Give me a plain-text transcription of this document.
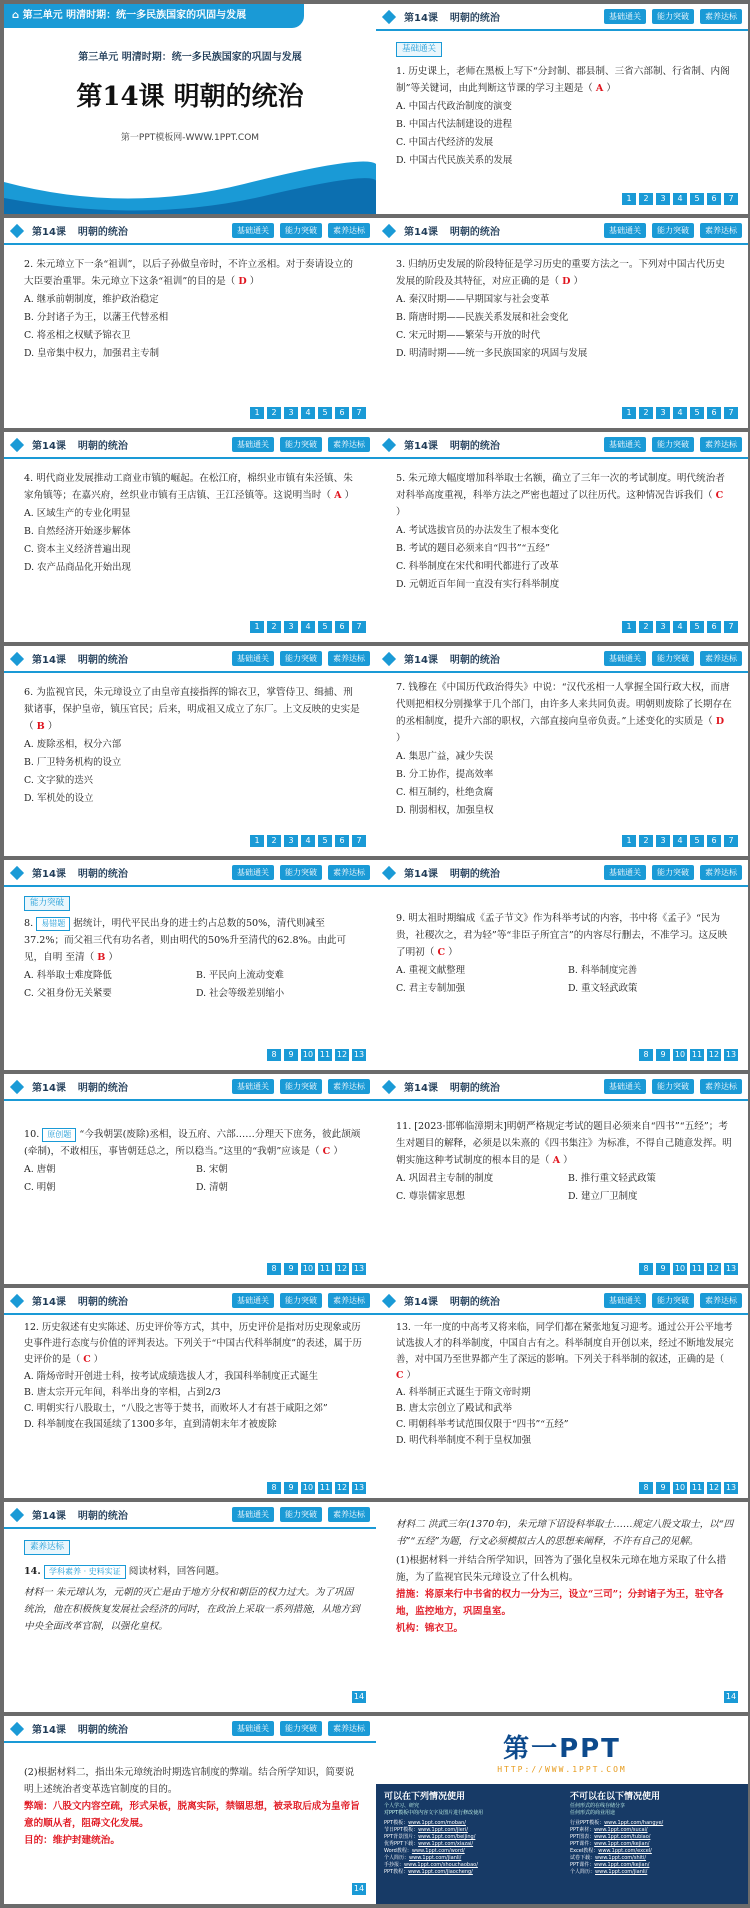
⌂ 第三单元 明清时期：统一多民族国家的巩固与发展
第三单元 明清时期：统一多民族国家的巩固与发展
第14课 明朝的统治
第一PPT模板网-WWW.1PPT.COM
第14课 明朝的统治	基础通关	能力突破	素养达标
基础通关
1. 历史课上，老师在黑板上写下“分封制、郡县制、三省六部制、行省制、内阁制”等关键词，由此判断这节课的学习主题是（ A ）
A. 中国古代政治制度的演变
B. 中国古代法制建设的进程
C. 中国古代经济的发展
D. 中国古代民族关系的发展
1	2	3	4	5	6	7
第14课 明朝的统治	基础通关	能力突破	素养达标
2. 朱元璋立下一条“祖训”，以后子孙做皇帝时，不许立丞相。对于奏请设立的大臣要治重罪。朱元璋立下这条“祖训”的目的是（ D ）
A. 继承前朝制度，维护政治稳定
B. 分封诸子为王，以藩王代替丞相
C. 将丞相之权赋予锦衣卫
D. 皇帝集中权力，加强君主专制
1	2	3	4	5	6	7
第14课 明朝的统治	基础通关	能力突破	素养达标
3. 归纳历史发展的阶段特征是学习历史的重要方法之一。下列对中国古代历史发展的阶段及其特征，对应正确的是（ D ）
A. 秦汉时期——早期国家与社会变革
B. 隋唐时期——民族关系发展和社会变化
C. 宋元时期——繁荣与开放的时代
D. 明清时期——统一多民族国家的巩固与发展
1	2	3	4	5	6	7
第14课 明朝的统治	基础通关	能力突破	素养达标
4. 明代商业发展推动工商业市镇的崛起。在松江府，棉织业市镇有朱泾镇、朱家角镇等；在嘉兴府，丝织业市镇有王店镇、王江泾镇等。这说明当时（ A ）
A. 区域生产的专业化明显
B. 自然经济开始逐步解体
C. 资本主义经济普遍出现
D. 农产品商品化开始出现
1	2	3	4	5	6	7
第14课 明朝的统治	基础通关	能力突破	素养达标
5. 朱元璋大幅度增加科举取士名额，确立了三年一次的考试制度。明代统治者对科举高度重视，科举方法之严密也超过了以往历代。这种情况告诉我们（ C ）
A. 考试选拔官员的办法发生了根本变化
B. 考试的题目必须来自“四书”“五经”
C. 科举制度在宋代和明代都进行了改革
D. 元朝近百年间一直没有实行科举制度
1	2	3	4	5	6	7
第14课 明朝的统治	基础通关	能力突破	素养达标
6. 为监视官民，朱元璋设立了由皇帝直接指挥的锦衣卫，掌管侍卫、缉捕、刑狱诸事，保护皇帝，镇压官民；后来，明成祖又成立了东厂。上文反映的史实是（ B ）
A. 废除丞相，权分六部
B. 厂卫特务机构的设立
C. 文字狱的迭兴
D. 军机处的设立
1	2	3	4	5	6	7
第14课 明朝的统治	基础通关	能力突破	素养达标
7. 钱穆在《中国历代政治得失》中说：“汉代丞相一人掌握全国行政大权，而唐代则把相权分别操掌于几个部门，由许多人来共同负责。明朝则废除了长期存在的丞相制度，提升六部的职权，六部直接向皇帝负责。”上述变化的实质是（ D ）
A. 集思广益，减少失误
B. 分工协作，提高效率
C. 相互制约，杜绝贪腐
D. 削弱相权，加强皇权
1	2	3	4	5	6	7
第14课 明朝的统治	基础通关	能力突破	素养达标
能力突破
8. 易错题 据统计，明代平民出身的进士约占总数的50%，清代则减至37.2%；而父祖三代有功名者，则由明代的50%升至清代的62.8%。由此可见，自明 至清（ B ）
A. 科举取士难度降低	B. 平民向上流动变难
C. 父祖身份无关紧要	D. 社会等级差别缩小
8	9	10 11 12 13
第14课 明朝的统治	基础通关	能力突破	素养达标
9. 明太祖时期编成《孟子节文》作为科举考试的内容，书中将《孟子》“民为贵，社稷次之，君为轻”等“非臣子所宜言”的内容尽行删去，不准学习。这反映了明初（ C ）
A. 重视文献整理	B. 科举制度完善
C. 君主专制加强	D. 重文轻武政策
8	9	10 11 12 13
第14课 明朝的统治	基础通关	能力突破	素养达标
10. 原创题 “今我朝罢(废除)丞相，设五府、六部……分理天下庶务，彼此颉颃(牵制)，不敢相压，事皆朝廷总之，所以稳当。”这里的“我朝”应该是（ C ）
A. 唐朝	B. 宋朝
C. 明朝	D. 清朝
8	9	10 11 12 13
第14课 明朝的统治	基础通关	能力突破	素养达标
11. [2023·邯郸临漳期末]明朝严格规定考试的题目必须来自“四书”“五经”；考生对题目的解释，必须是以朱熹的《四书集注》为标准，不得自己随意发挥。明朝实施这种考试制度的根本目的是（ A ）
A. 巩固君主专制的制度	B. 推行重文轻武政策
C. 尊崇儒家思想	D. 建立厂卫制度
8	9	10 11 12 13
第14课 明朝的统治	基础通关	能力突破	素养达标
12. 历史叙述有史实陈述、历史评价等方式，其中，历史评价是指对历史现象或历史事件进行态度与价值的评判表达。下列关于“中国古代科举制度”的表述，属于历史评价的是（ C ）
A. 隋炀帝时开创进士科，按考试成绩选拔人才，我国科举制度正式诞生
B. 唐太宗开元年间，科举出身的宰相，占到2/3
C. 明朝实行八股取士，“八股之害等于焚书，而败坏人才有甚于咸阳之郊”
D. 科举制度在我国延续了1300多年，直到清朝末年才被废除
8	9	10 11 12 13
第14课 明朝的统治	基础通关	能力突破	素养达标
13. 一年一度的中高考又将来临，同学们都在紧张地复习迎考。通过公开公平地考试选拔人才的科举制度，中国自古有之。科举制度自开创以来，经过不断地发展完善，对中国乃至世界都产生了深远的影响。下列关于科举制的叙述，正确的是（ C ）
A. 科举制正式诞生于隋文帝时期
B. 唐太宗创立了殿试和武举
C. 明朝科举考试范围仅限于“四书”“五经”
D. 明代科举制度不利于皇权加强
8	9	10 11 12 13
第14课 明朝的统治	基础通关	能力突破	素养达标
素养达标
14. 学科素养 · 史料实证 阅读材料，回答问题。
材料一 朱元璋认为，元朝的灭亡是由于地方分权和朝臣的权力过大。为了巩固统治，他在积极恢复发展社会经济的同时，在政治上采取一系列措施，从地方到中央全面改革官制，以强化皇权。
14
材料二 洪武三年(1370年)，朱元璋下诏设科举取士……规定八股文取士，以“四书”“五经”为题，行文必须模拟古人的思想来阐释，不许有自己的见解。
(1)根据材料一并结合所学知识，回答为了强化皇权朱元璋在地方采取了什么措施，为了监视官民朱元璋设立了什么机构。
措施：将原来行中书省的权力一分为三，设立“三司”；分封诸子为王，驻守各地，监控地方，巩固皇室。
机构：锦衣卫。
14
第14课 明朝的统治	基础通关	能力突破	素养达标
(2)根据材料二，指出朱元璋统治时期选官制度的弊端。结合所学知识，简要说明上述统治者变革选官制度的目的。
弊端：八股文内容空疏，形式呆板，脱离实际，禁锢思想，被录取后成为皇帝旨意的顺从者，阻碍文化发展。
目的：维护封建统治。
14
第一PPT
HTTP://WWW.1PPT.COM
可以在下列情况使用
个人学习、研究
对PPT模板中的内容文字及图片进行修改使用
PPT模板：www.1ppt.com/moban/
节日PPT模板：www.1ppt.com/jieri/
PPT背景图片：www.1ppt.com/beijing/
优秀PPT下载：www.1ppt.com/xiazai/
Word教程：www.1ppt.com/word/
个人简历：www.1ppt.com/jianli/
手抄报：www.1ppt.com/shouchaobao/
PPT教程：www.1ppt.com/jiaocheng/
不可以在以下情况使用
任何形式的在线存储分享
任何形式的商业用途
行业PPT模板：www.1ppt.com/hangye/
PPT素材：www.1ppt.com/sucai/
PPT图表：www.1ppt.com/tubiao/
PPT课件：www.1ppt.com/kejian/
Excel教程：www.1ppt.com/excel/
试卷下载：www.1ppt.com/shiti/
PPT课件：www.1ppt.com/kejian/
个人简历：www.1ppt.com/jianli/
